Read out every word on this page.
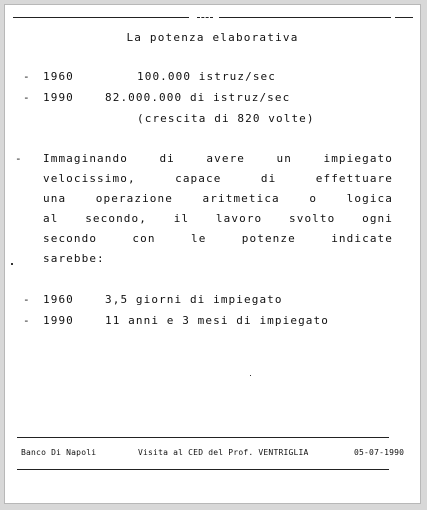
La potenza elaborativa
- 1960	100.000 istruz/sec
- 1990	82.000.000 di istruz/sec
(crescita di 820 volte)
- Immaginando di avere un impiegato
velocissimo, capace di effettuare
una operazione aritmetica o logica
al secondo, il lavoro svolto ogni
secondo con le potenze indicate
sarebbe:
- 1960	3,5 giorni di impiegato
- 1990	11 anni e 3 mesi di impiegato
Banco Di Napoli	Visita al CED del Prof. VENTRIGLIA	05-07-1990
